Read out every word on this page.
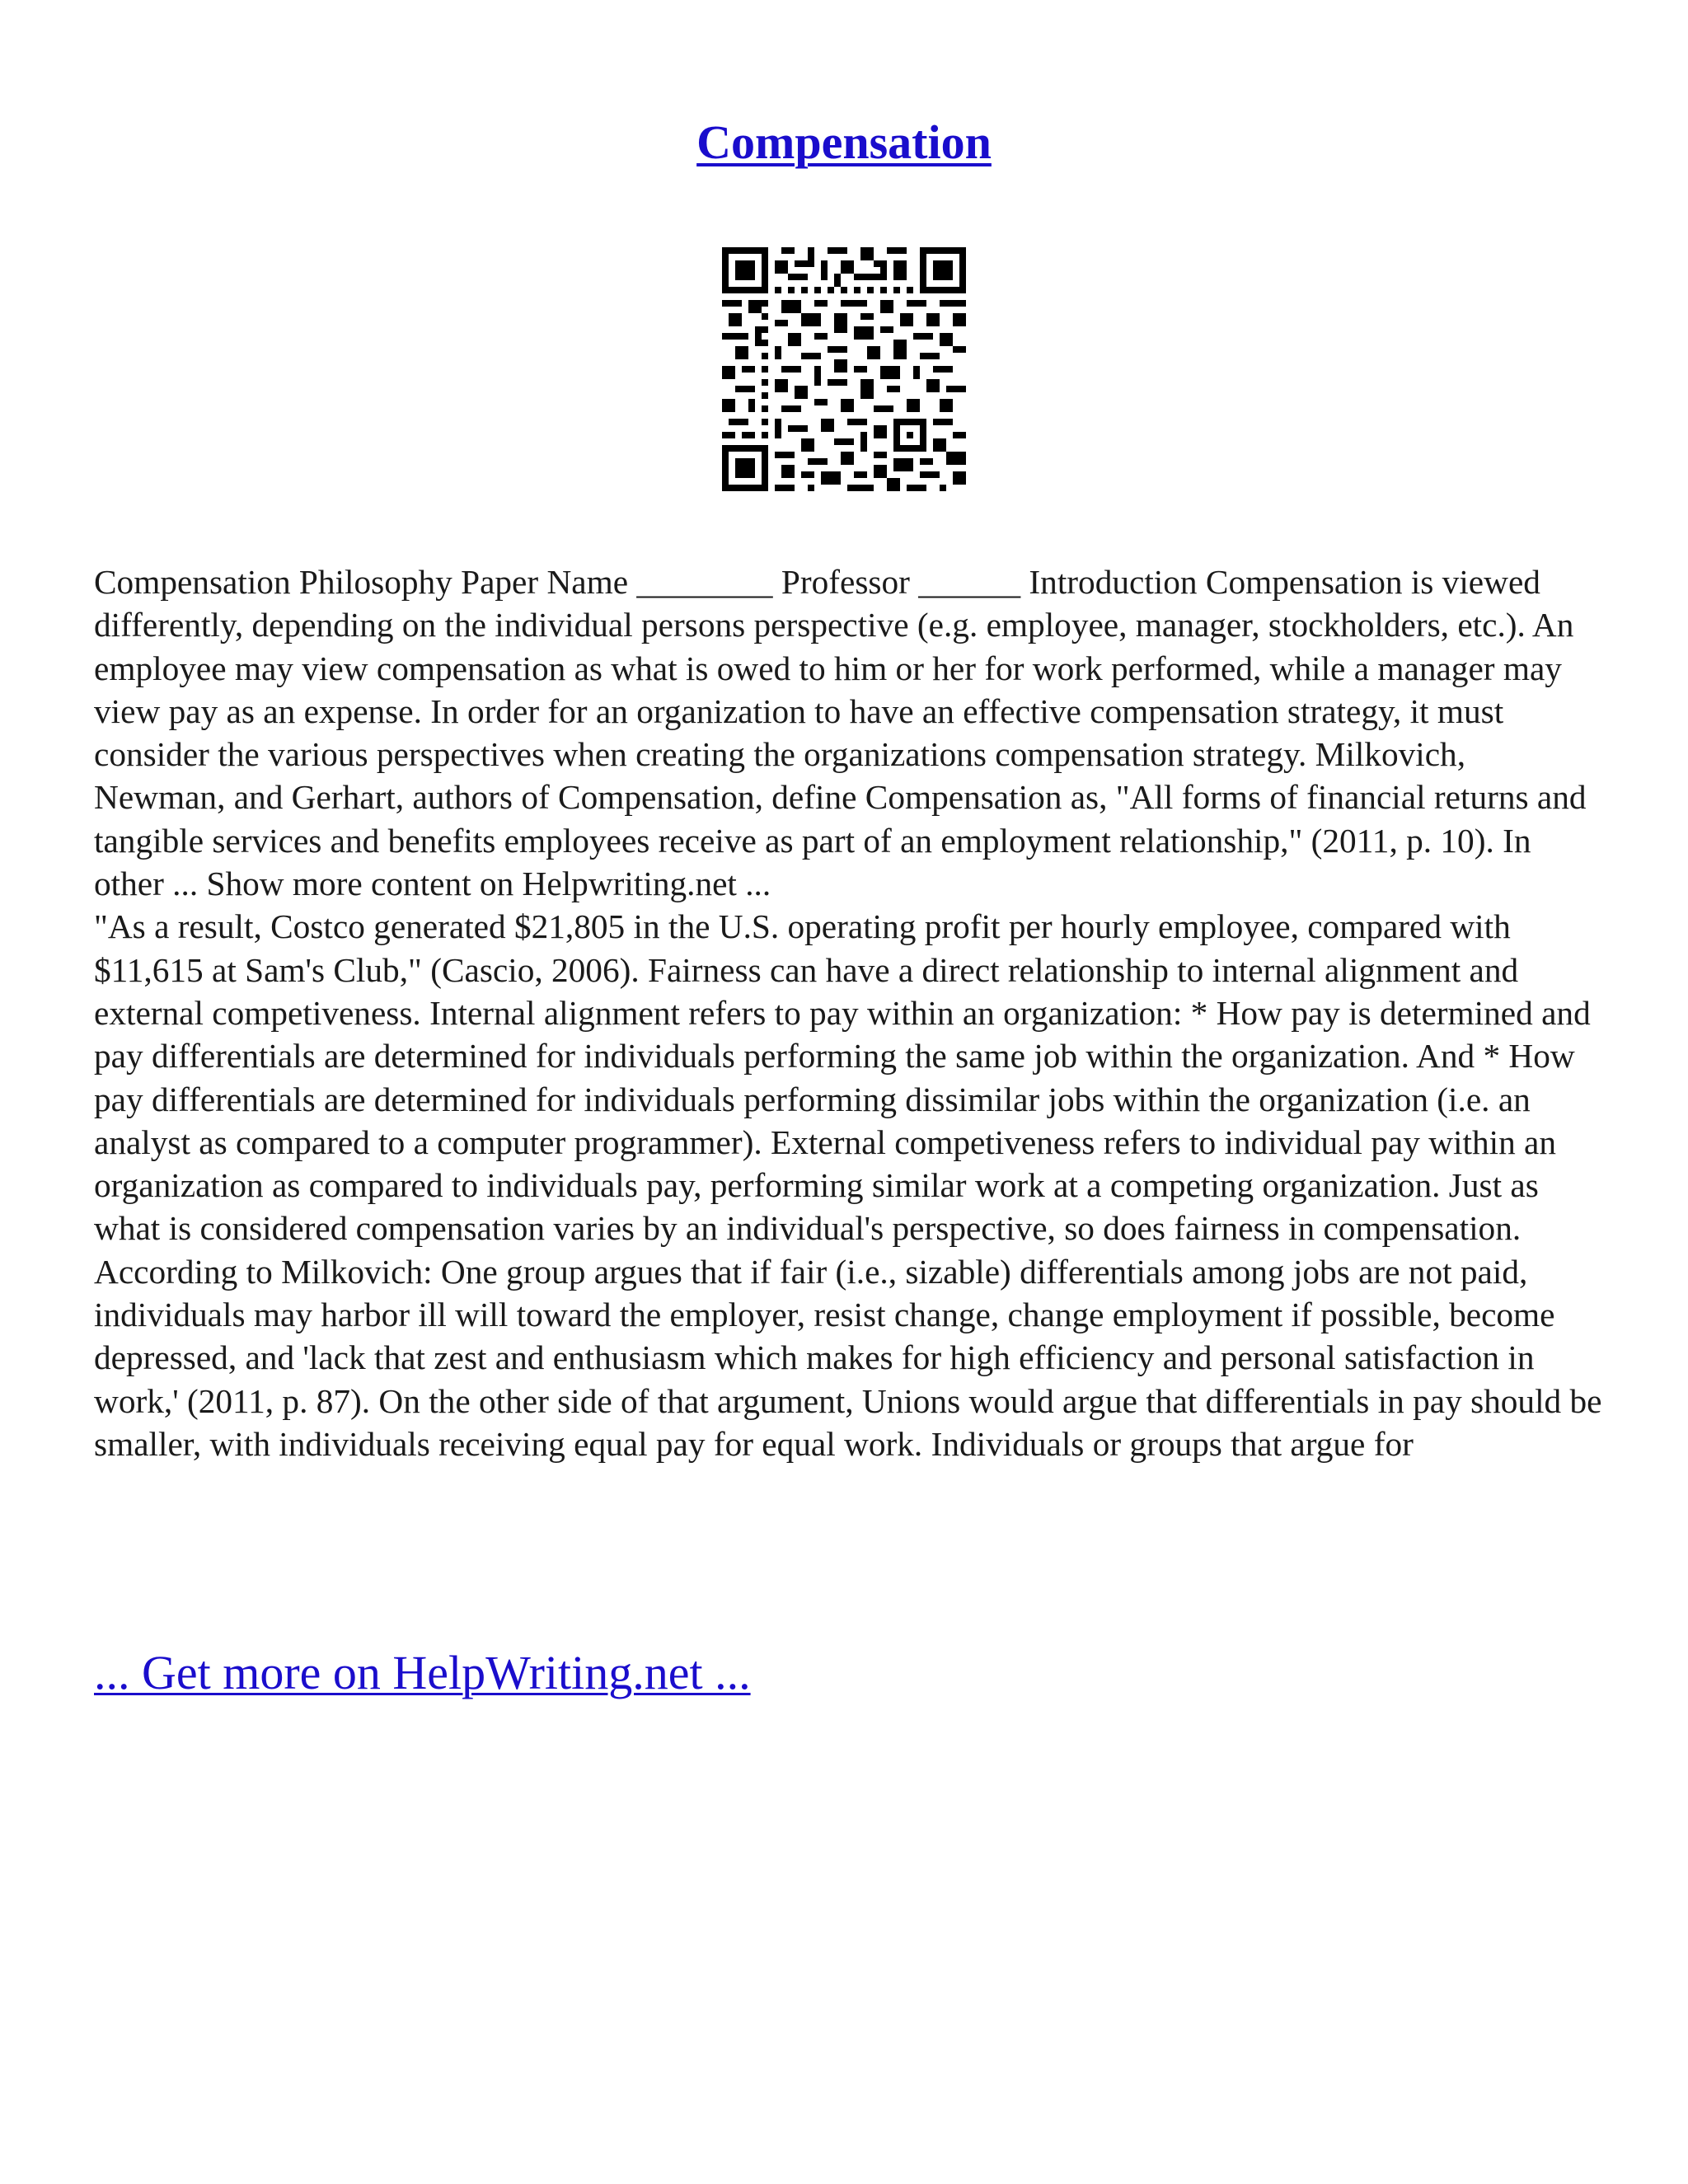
Compensation

Compensation Philosophy Paper Name ________ Professor ______ Introduction Compensation is viewed differently, depending on the individual persons perspective (e.g. employee, manager, stockholders, etc.). An employee may view compensation as what is owed to him or her for work performed, while a manager may view pay as an expense. In order for an organization to have an effective compensation strategy, it must consider the various perspectives when creating the organizations compensation strategy. Milkovich, Newman, and Gerhart, authors of Compensation, define Compensation as, "All forms of financial returns and tangible services and benefits employees receive as part of an employment relationship," (2011, p. 10). In other ... Show more content on Helpwriting.net ...

"As a result, Costco generated $21,805 in the U.S. operating profit per hourly employee, compared with $11,615 at Sam's Club," (Cascio, 2006). Fairness can have a direct relationship to internal alignment and external competiveness. Internal alignment refers to pay within an organization: * How pay is determined and pay differentials are determined for individuals performing the same job within the organization. And * How pay differentials are determined for individuals performing dissimilar jobs within the organization (i.e. an analyst as compared to a computer programmer). External competiveness refers to individual pay within an organization as compared to individuals pay, performing similar work at a competing organization. Just as what is considered compensation varies by an individual's perspective, so does fairness in compensation. According to Milkovich: One group argues that if fair (i.e., sizable) differentials among jobs are not paid, individuals may harbor ill will toward the employer, resist change, change employment if possible, become depressed, and 'lack that zest and enthusiasm which makes for high efficiency and personal satisfaction in work,' (2011, p. 87). On the other side of that argument, Unions would argue that differentials in pay should be smaller, with individuals receiving equal pay for equal work. Individuals or groups that argue for

... Get more on HelpWriting.net ...
